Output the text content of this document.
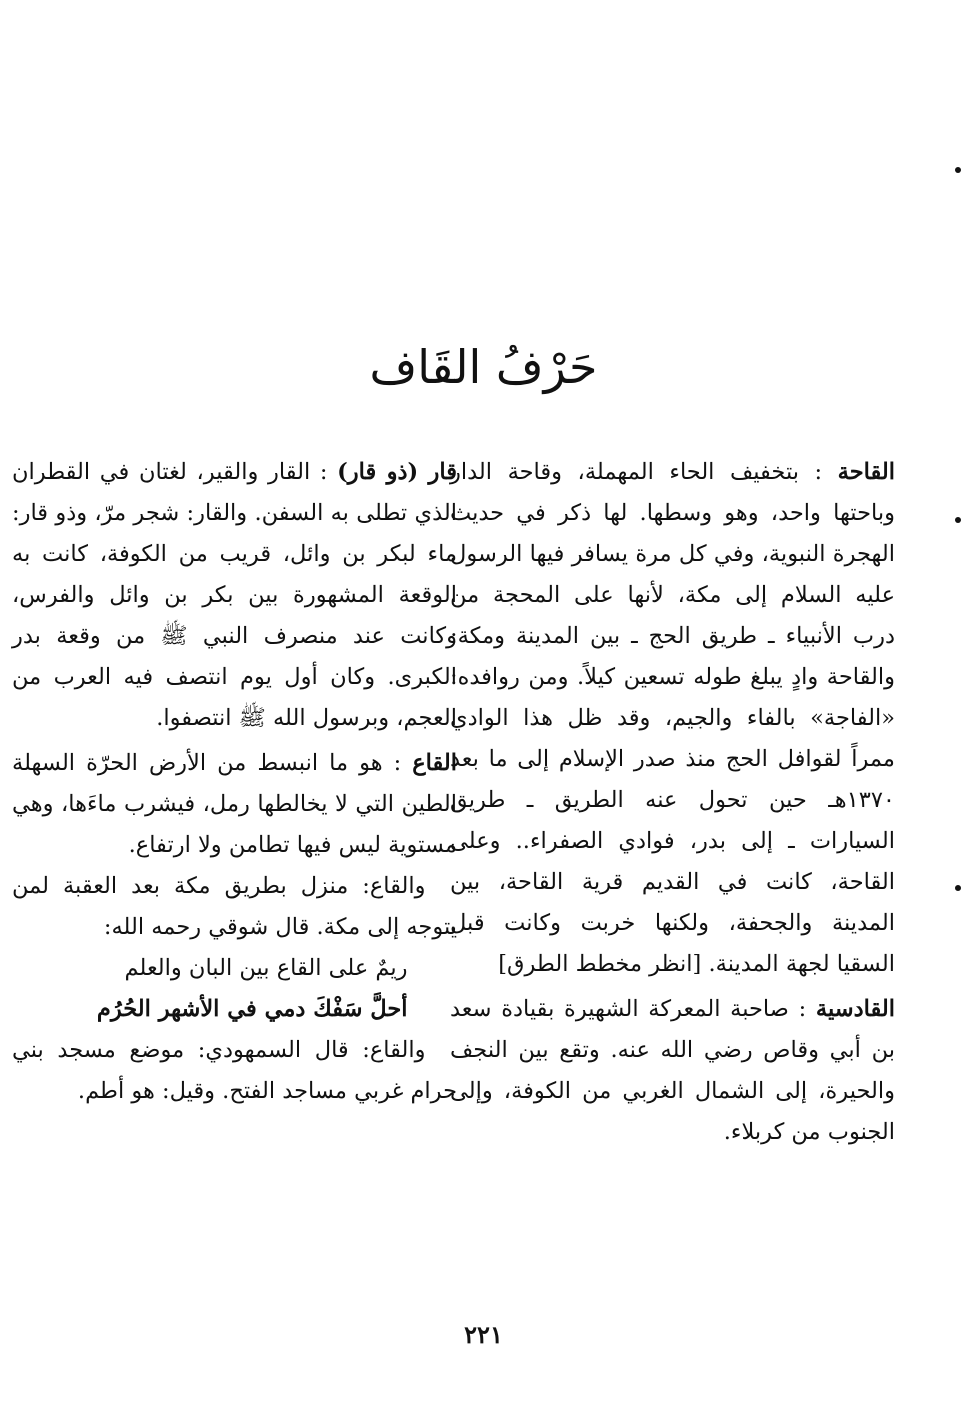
حَرْفُ القَاف

القاحة : بتخفيف الحاء المهملة، وقاحة الدار وباحتها واحد، وهو وسطها. لها ذكر في حديث الهجرة النبوية، وفي كل مرة يسافر فيها الرسول عليه السلام إلى مكة، لأنها على المحجة من درب الأنبياء ـ طريق الحج ـ بين المدينة ومكة: والقاحة وادٍ يبلغ طوله تسعين كيلاً. ومن روافده: «الفاجة» بالفاء والجيم، وقد ظل هذا الوادي ممراً لقوافل الحج منذ صدر الإسلام إلى ما بعد ١٣٧٠هـ حين تحول عنه الطريق ـ طريق السيارات ـ إلى بدر، فوادي الصفراء.. وعلى القاحة، كانت في القديم قرية القاحة، بين المدينة والجحفة، ولكنها خربت وكانت قبل السقيا لجهة المدينة. [انظر مخطط الطرق]

القادسية : صاحبة المعركة الشهيرة بقيادة سعد بن أبي وقاص رضي الله عنه. وتقع بين النجف والحيرة، إلى الشمال الغربي من الكوفة، وإلى الجنوب من كربلاء.

قار (ذو قار) : القار والقير، لغتان في القطران الذي تطلى به السفن. والقار: شجر مرّ، وذو قار: ماء لبكر بن وائل، قريب من الكوفة، كانت به الوقعة المشهورة بين بكر بن وائل والفرس، وكانت عند منصرف النبي ﷺ من وقعة بدر الكبرى. وكان أول يوم انتصف فيه العرب من العجم، وبرسول الله ﷺ انتصفوا.

القاع : هو ما انبسط من الأرض الحرّة السهلة الطين التي لا يخالطها رمل، فيشرب ماءَها، وهي مستوية ليس فيها تطامن ولا ارتفاع.

والقاع: منزل بطريق مكة بعد العقبة لمن يتوجه إلى مكة. قال شوقي رحمه الله:

ريمٌ على القاع بين البان والعلم

أحلَّ سَفْكَ دمي في الأشهر الحُرُم

والقاع: قال السمهودي: موضع مسجد بني حرام غربي مساجد الفتح. وقيل: هو أطم.

٢٢١
